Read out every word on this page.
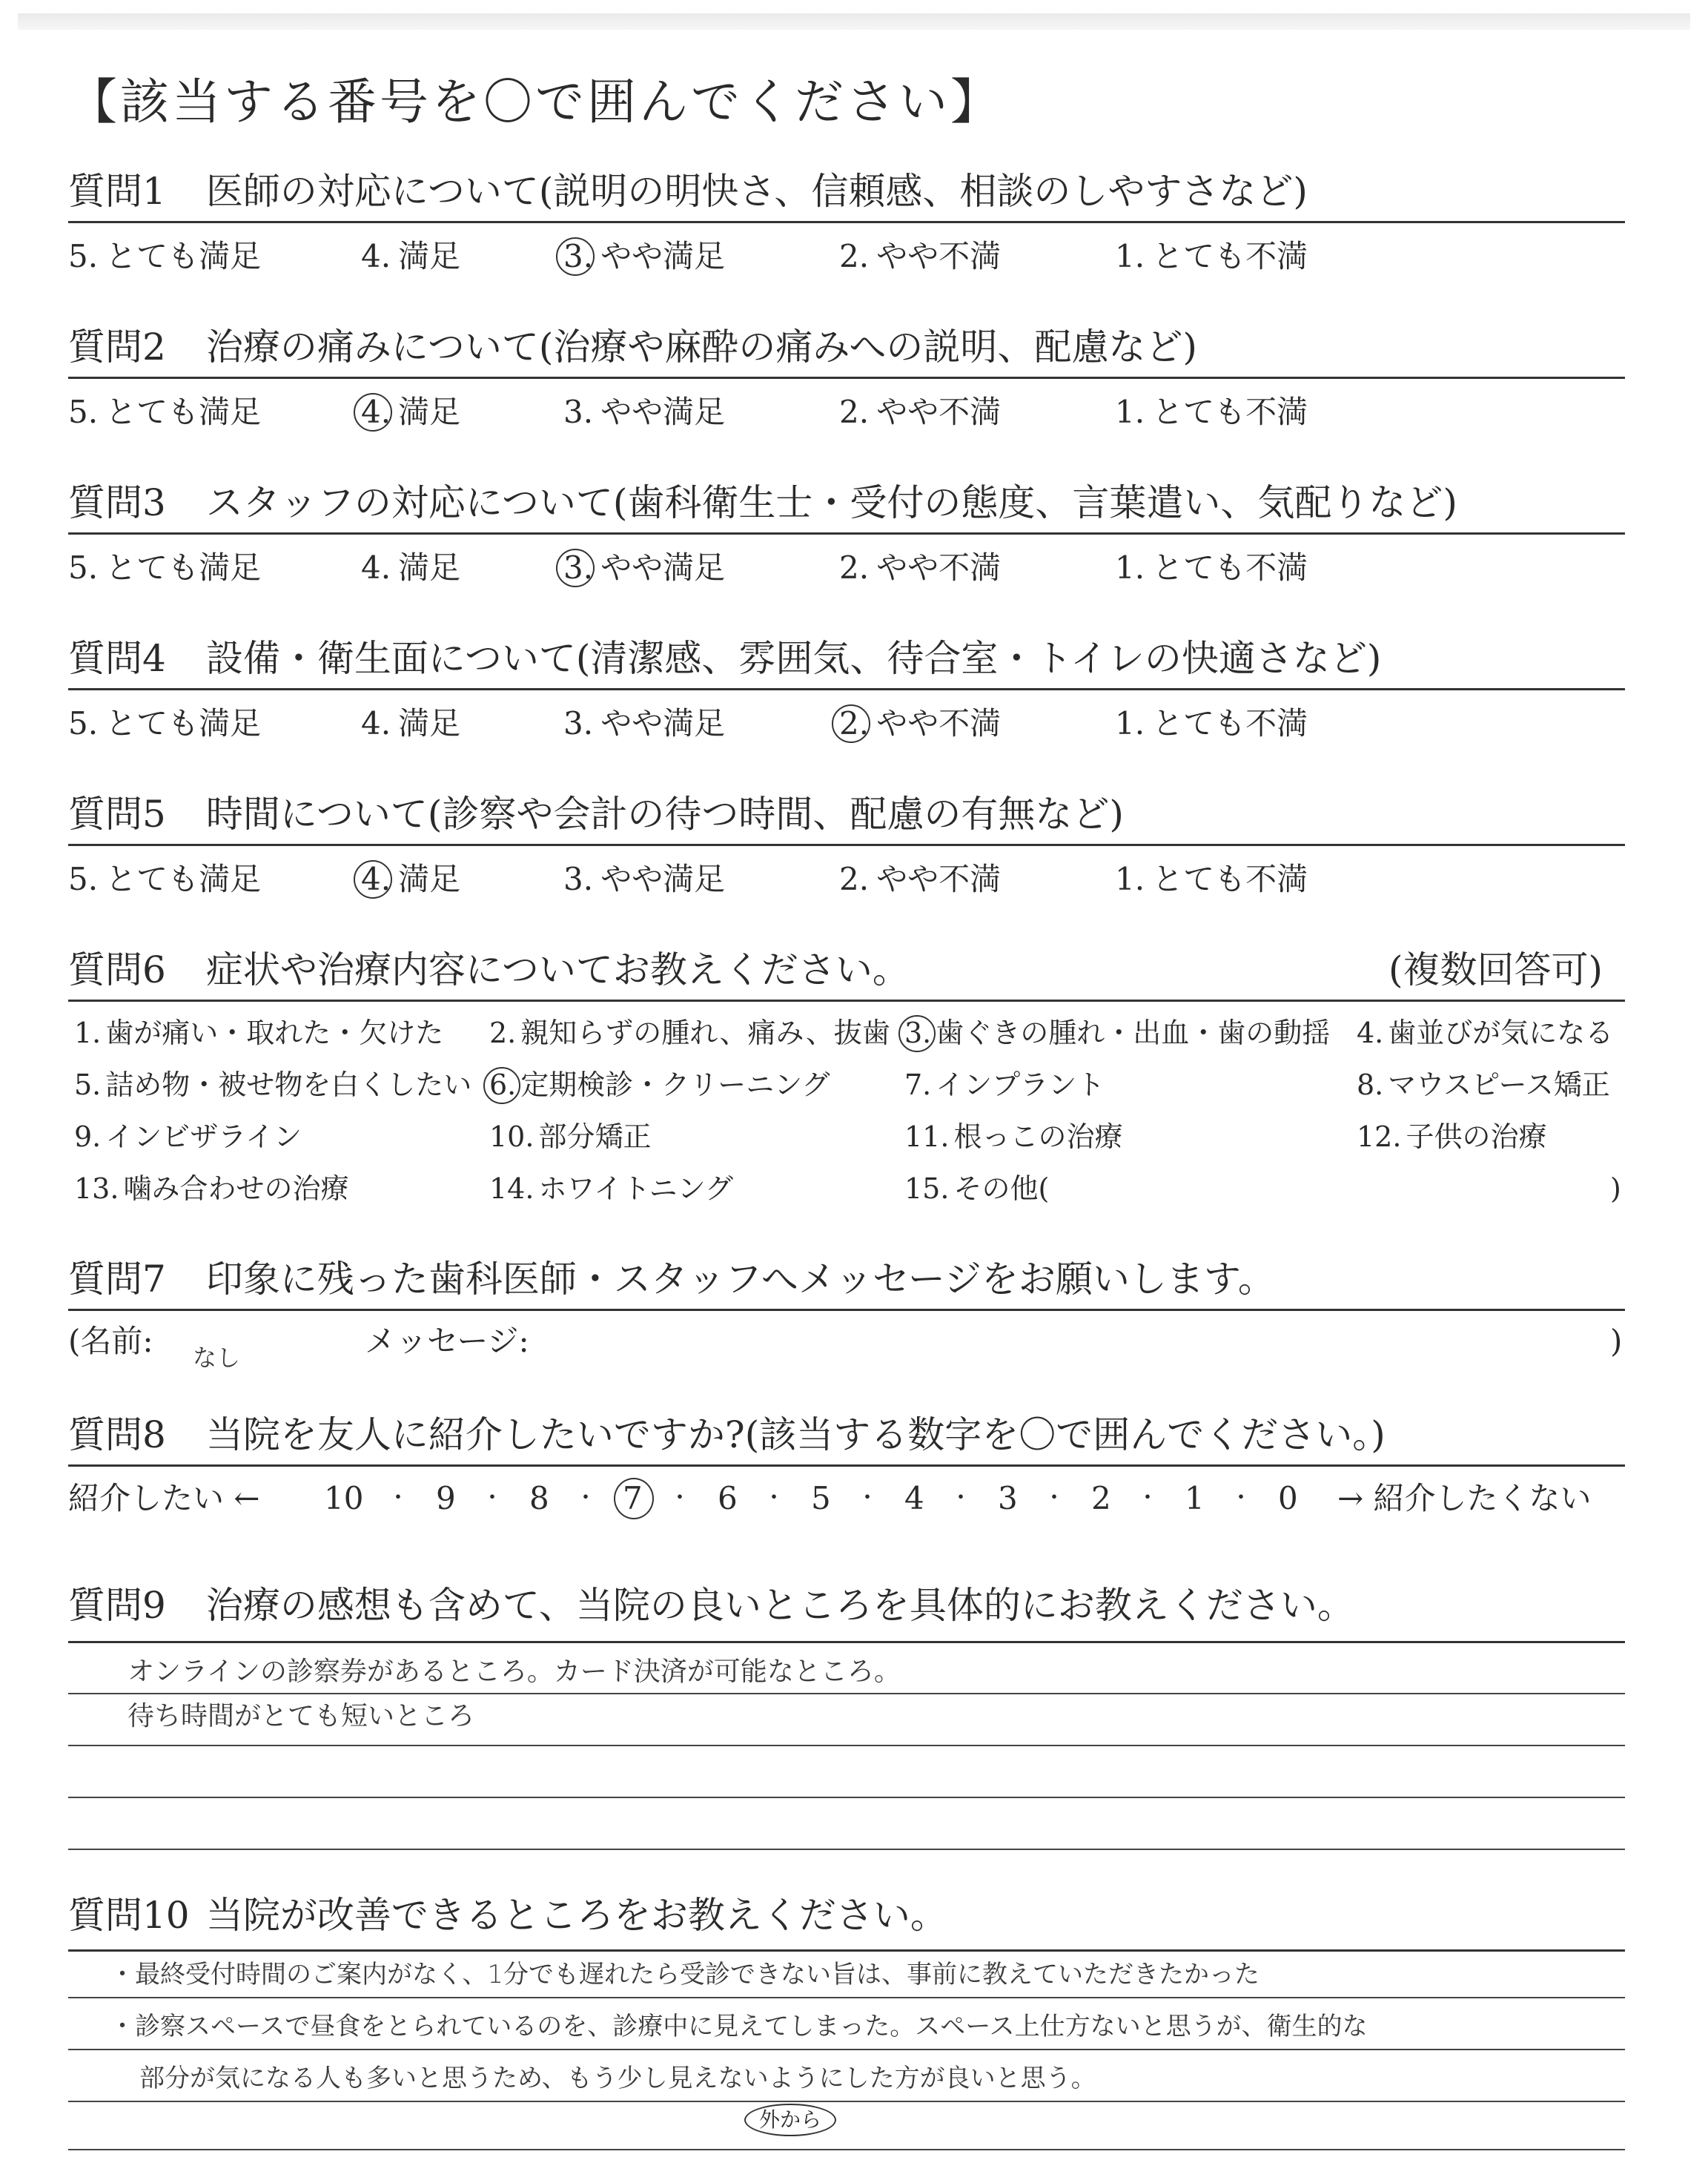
【該当する番号を〇で囲んでください】
質問1 医師の対応について(説明の明快さ、信頼感、相談のしやすさなど)
5. とても満足	4. 満足	3. やや満足	2. やや不満	1. とても不満
質問2 治療の痛みについて(治療や麻酔の痛みへの説明、配慮など)
5. とても満足	4. 満足	3. やや満足	2. やや不満	1. とても不満
質問3 スタッフの対応について(歯科衛生士・受付の態度、言葉遣い、気配りなど)
5. とても満足	4. 満足	3. やや満足	2. やや不満	1. とても不満
質問4 設備・衛生面について(清潔感、雰囲気、待合室・トイレの快適さなど)
5. とても満足	4. 満足	3. やや満足	2. やや不満	1. とても不満
質問5 時間について(診察や会計の待つ時間、配慮の有無など)
5. とても満足	4. 満足	3. やや満足	2. やや不満	1. とても不満
質問6 症状や治療内容についてお教えください。	(複数回答可)
1. 歯が痛い・取れた・欠けた 2. 親知らずの腫れ、痛み、抜歯 3. 歯ぐきの腫れ・出血・歯の動揺 4. 歯並びが気になる
5. 詰め物・被せ物を白くしたい 6. 定期検診・クリーニング	7. インプラント	8. マウスピース矯正
9. インビザライン	10. 部分矯正	11. 根っこの治療	12. 子供の治療
13. 噛み合わせの治療	14. ホワイトニング	15. その他(	)
質問7 印象に残った歯科医師・スタッフへメッセージをお願いします。
(名前: なし	メッセージ:	)
質問8 当院を友人に紹介したいですか?(該当する数字を〇で囲んでください。)
紹介したい ← 10 ・ 9 ・ 8 ・ 7 ・ 6 ・ 5 ・ 4 ・ 3 ・ 2 ・ 1 ・ 0 → 紹介したくない
質問9 治療の感想も含めて、当院の良いところを具体的にお教えください。
オンラインの診察券があるところ。カード決済が可能なところ。
待ち時間がとても短いところ
質問10 当院が改善できるところをお教えください。
・最終受付時間のご案内がなく、1分でも遅れたら受診できない旨は、事前に教えていただきたかった
・診察スペースで昼食をとられているのを、診療中に見えてしまった。スペース上仕方ないと思うが、衛生的な
部分が気になる人も多いと思うため、もう少し見えないようにした方が良いと思う。
外から
